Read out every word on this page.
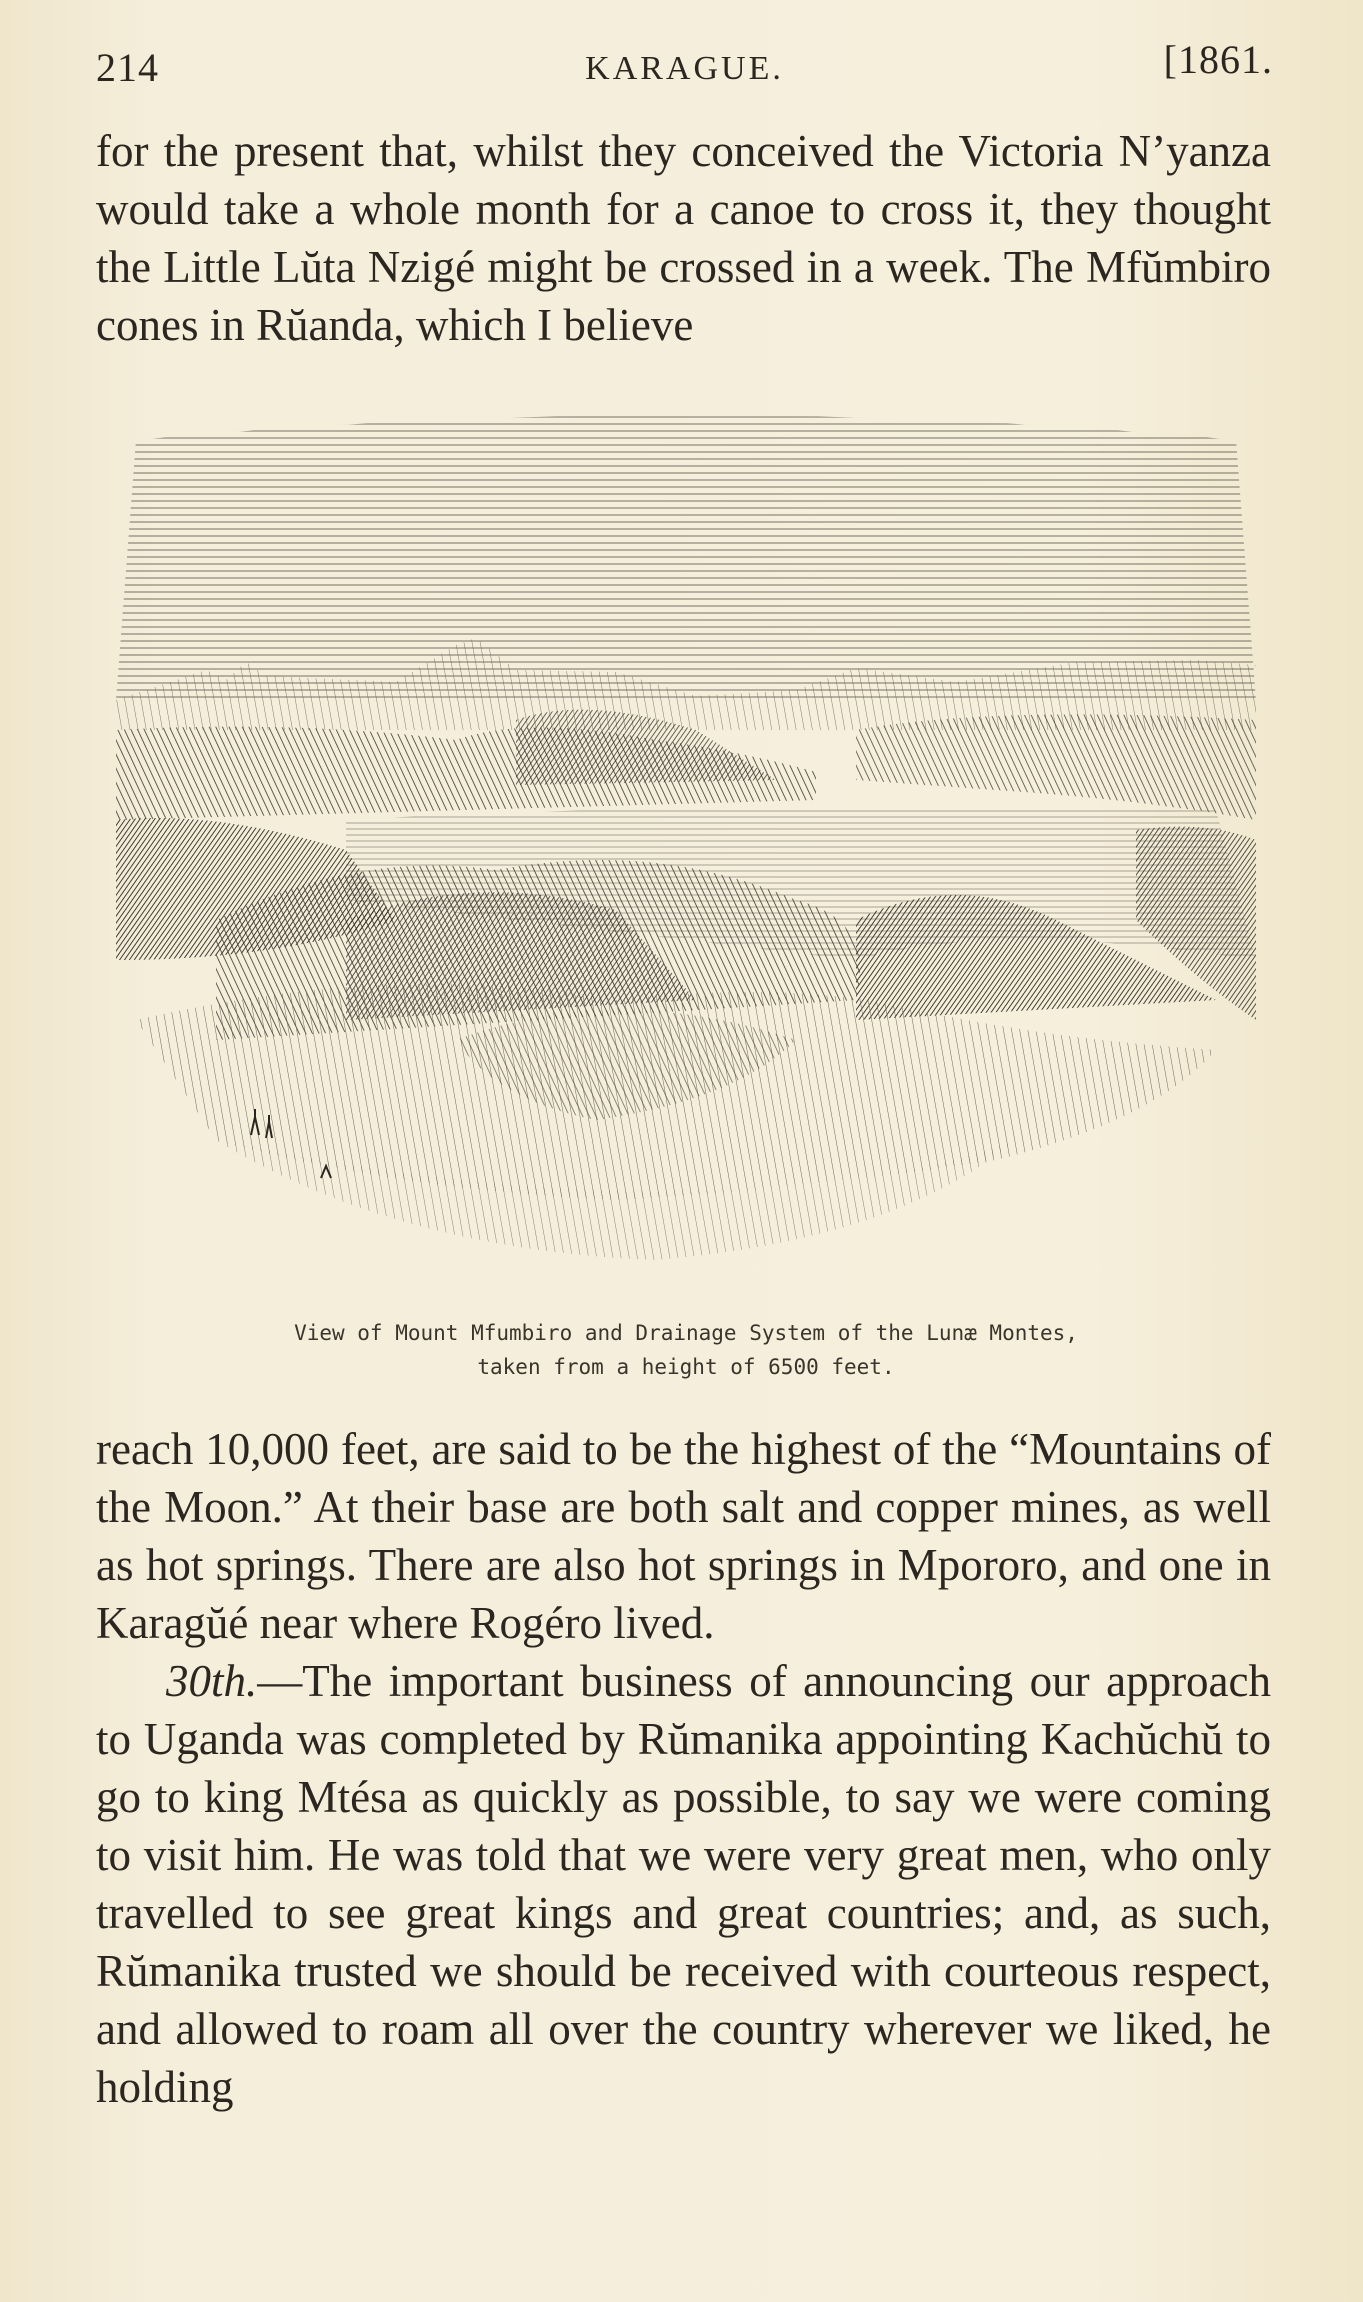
214	KARAGUE.	[1861.

for the present that, whilst they conceived the Victoria N’yanza would take a whole month for a canoe to cross it, they thought the Little Lŭta Nzigé might be crossed in a week. The Mfŭmbiro cones in Rŭanda, which I believe

View of Mount Mfumbiro and Drainage System of the Lunæ Montes,
taken from a height of 6500 feet.

reach 10,000 feet, are said to be the highest of the “Mountains of the Moon.” At their base are both salt and copper mines, as well as hot springs. There are also hot springs in Mpororo, and one in Karagŭé near where Rogéro lived.

30th.—The important business of announcing our approach to Uganda was completed by Rŭmanika appointing Kachŭchŭ to go to king Mtésa as quickly as possible, to say we were coming to visit him. He was told that we were very great men, who only travelled to see great kings and great countries; and, as such, Rŭmanika trusted we should be received with courteous respect, and allowed to roam all over the country wherever we liked, he holding
